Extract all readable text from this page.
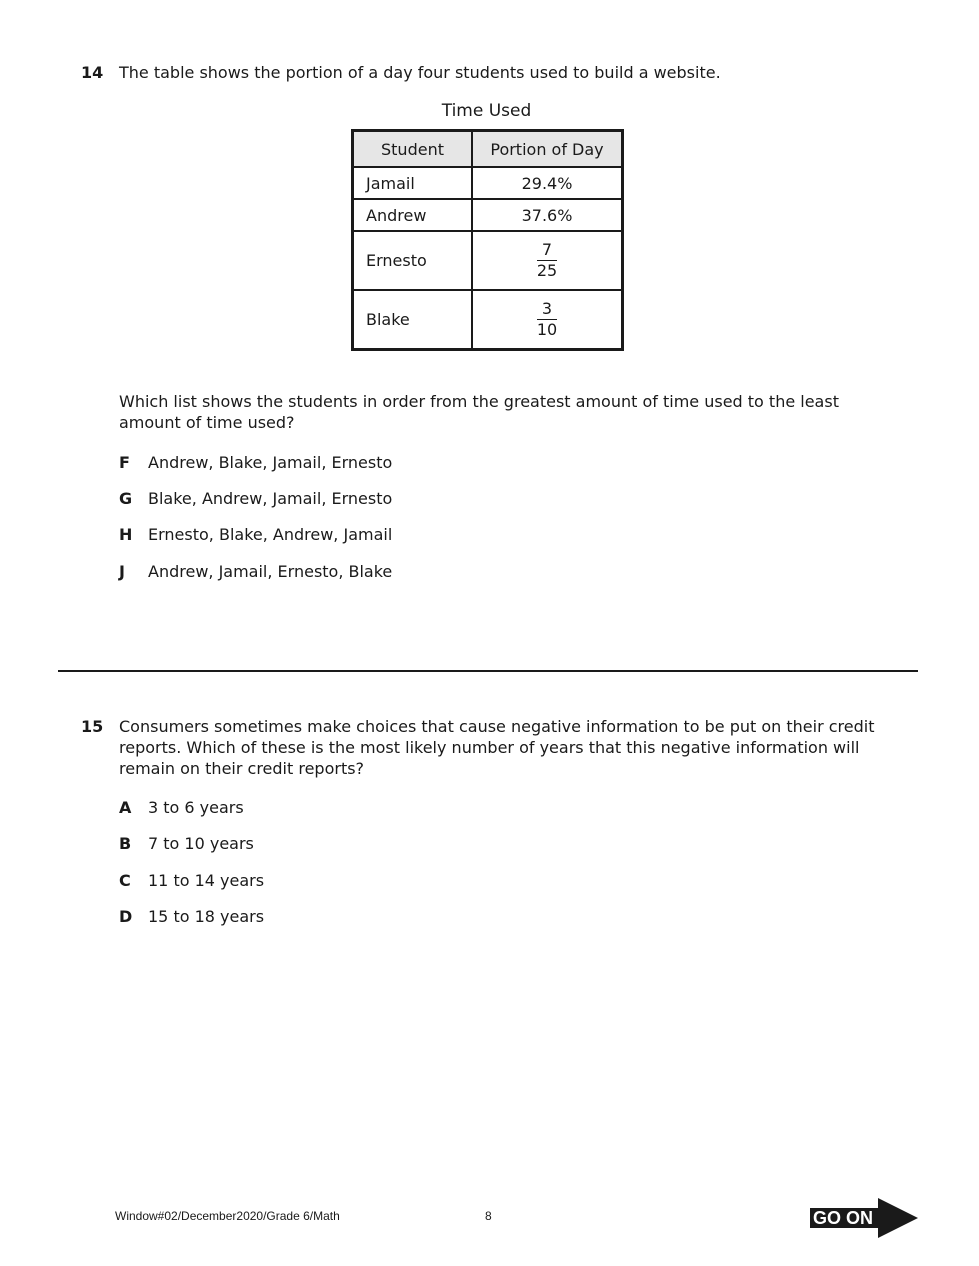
14 The table shows the portion of a day four students used to build a website.
Time Used
Student	Portion of Day
Jamail	29.4%
Andrew	37.6%
Ernesto	$\frac{7}{25}$

Blake	$\frac{3}{10}$
Which list shows the students in order from the greatest amount of time used to the least
amount of time used?
F Andrew, Blake, Jamail, Ernesto
G Blake, Andrew, Jamail, Ernesto
H Ernesto, Blake, Andrew, Jamail
J Andrew, Jamail, Ernesto, Blake
15 Consumers sometimes make choices that cause negative information to be put on their credit
reports. Which of these is the most likely number of years that this negative information will
remain on their credit reports?
A 3 to 6 years
B 7 to 10 years
C 11 to 14 years
D 15 to 18 years
Window#02/December2020/Grade 6/Math	8	GO ON
